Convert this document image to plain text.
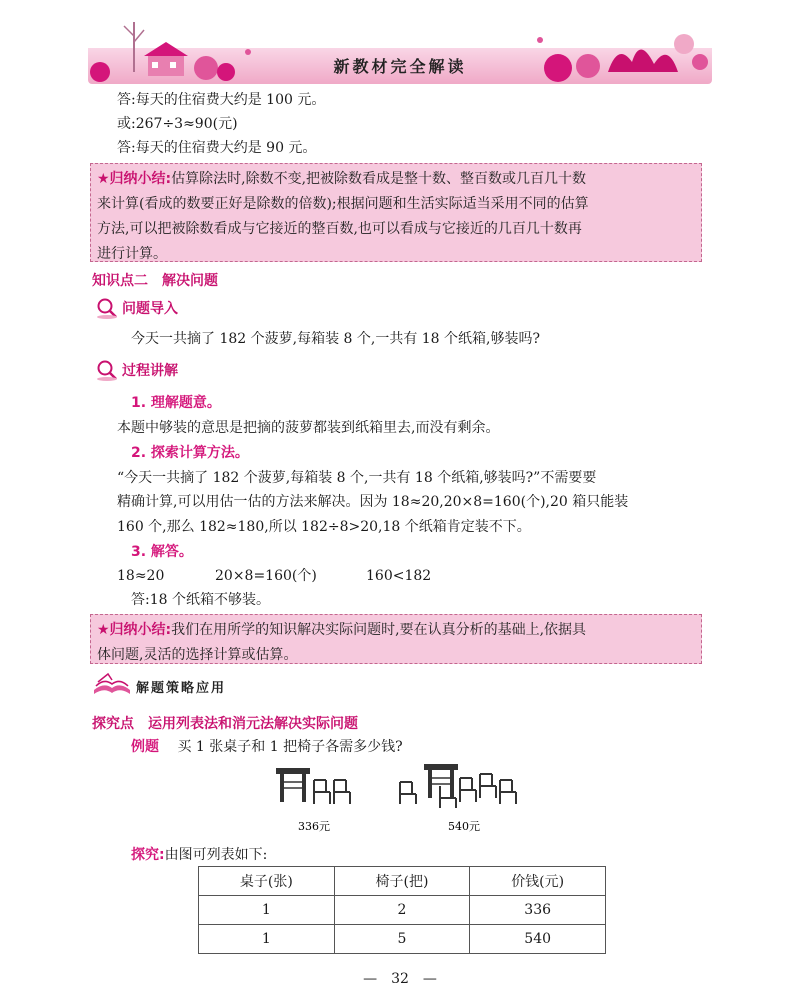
新教材完全解读
答:每天的住宿费大约是 100 元。
或:267÷3≈90(元)
答:每天的住宿费大约是 90 元。
★归纳小结:估算除法时,除数不变,把被除数看成是整十数、整百数或几百几十数
来计算(看成的数要正好是除数的倍数);根据问题和生活实际适当采用不同的估算
方法,可以把被除数看成与它接近的整百数,也可以看成与它接近的几百几十数再
进行计算。
知识点二　解决问题
问题导入
今天一共摘了 182 个菠萝,每箱装 8 个,一共有 18 个纸箱,够装吗?
过程讲解
1. 理解题意。
本题中够装的意思是把摘的菠萝都装到纸箱里去,而没有剩余。
2. 探索计算方法。
“今天一共摘了 182 个菠萝,每箱装 8 个,一共有 18 个纸箱,够装吗?”不需要要
精确计算,可以用估一估的方法来解决。因为 18≈20,20×8=160(个),20 箱只能装
160 个,那么 182≈180,所以 182÷8>20,18 个纸箱肯定装不下。
3. 解答。
18≈20	20×8=160(个)	160<182
答:18 个纸箱不够装。
★归纳小结:我们在用所学的知识解决实际问题时,要在认真分析的基础上,依据具
体问题,灵活的选择计算或估算。
解题策略应用
探究点　运用列表法和消元法解决实际问题
例题 买 1 张桌子和 1 把椅子各需多少钱?
336元	540元
探究:由图可列表如下:
桌子(张)	椅子(把)	价钱(元)
1	2	336
1	5	540
—　32　—
